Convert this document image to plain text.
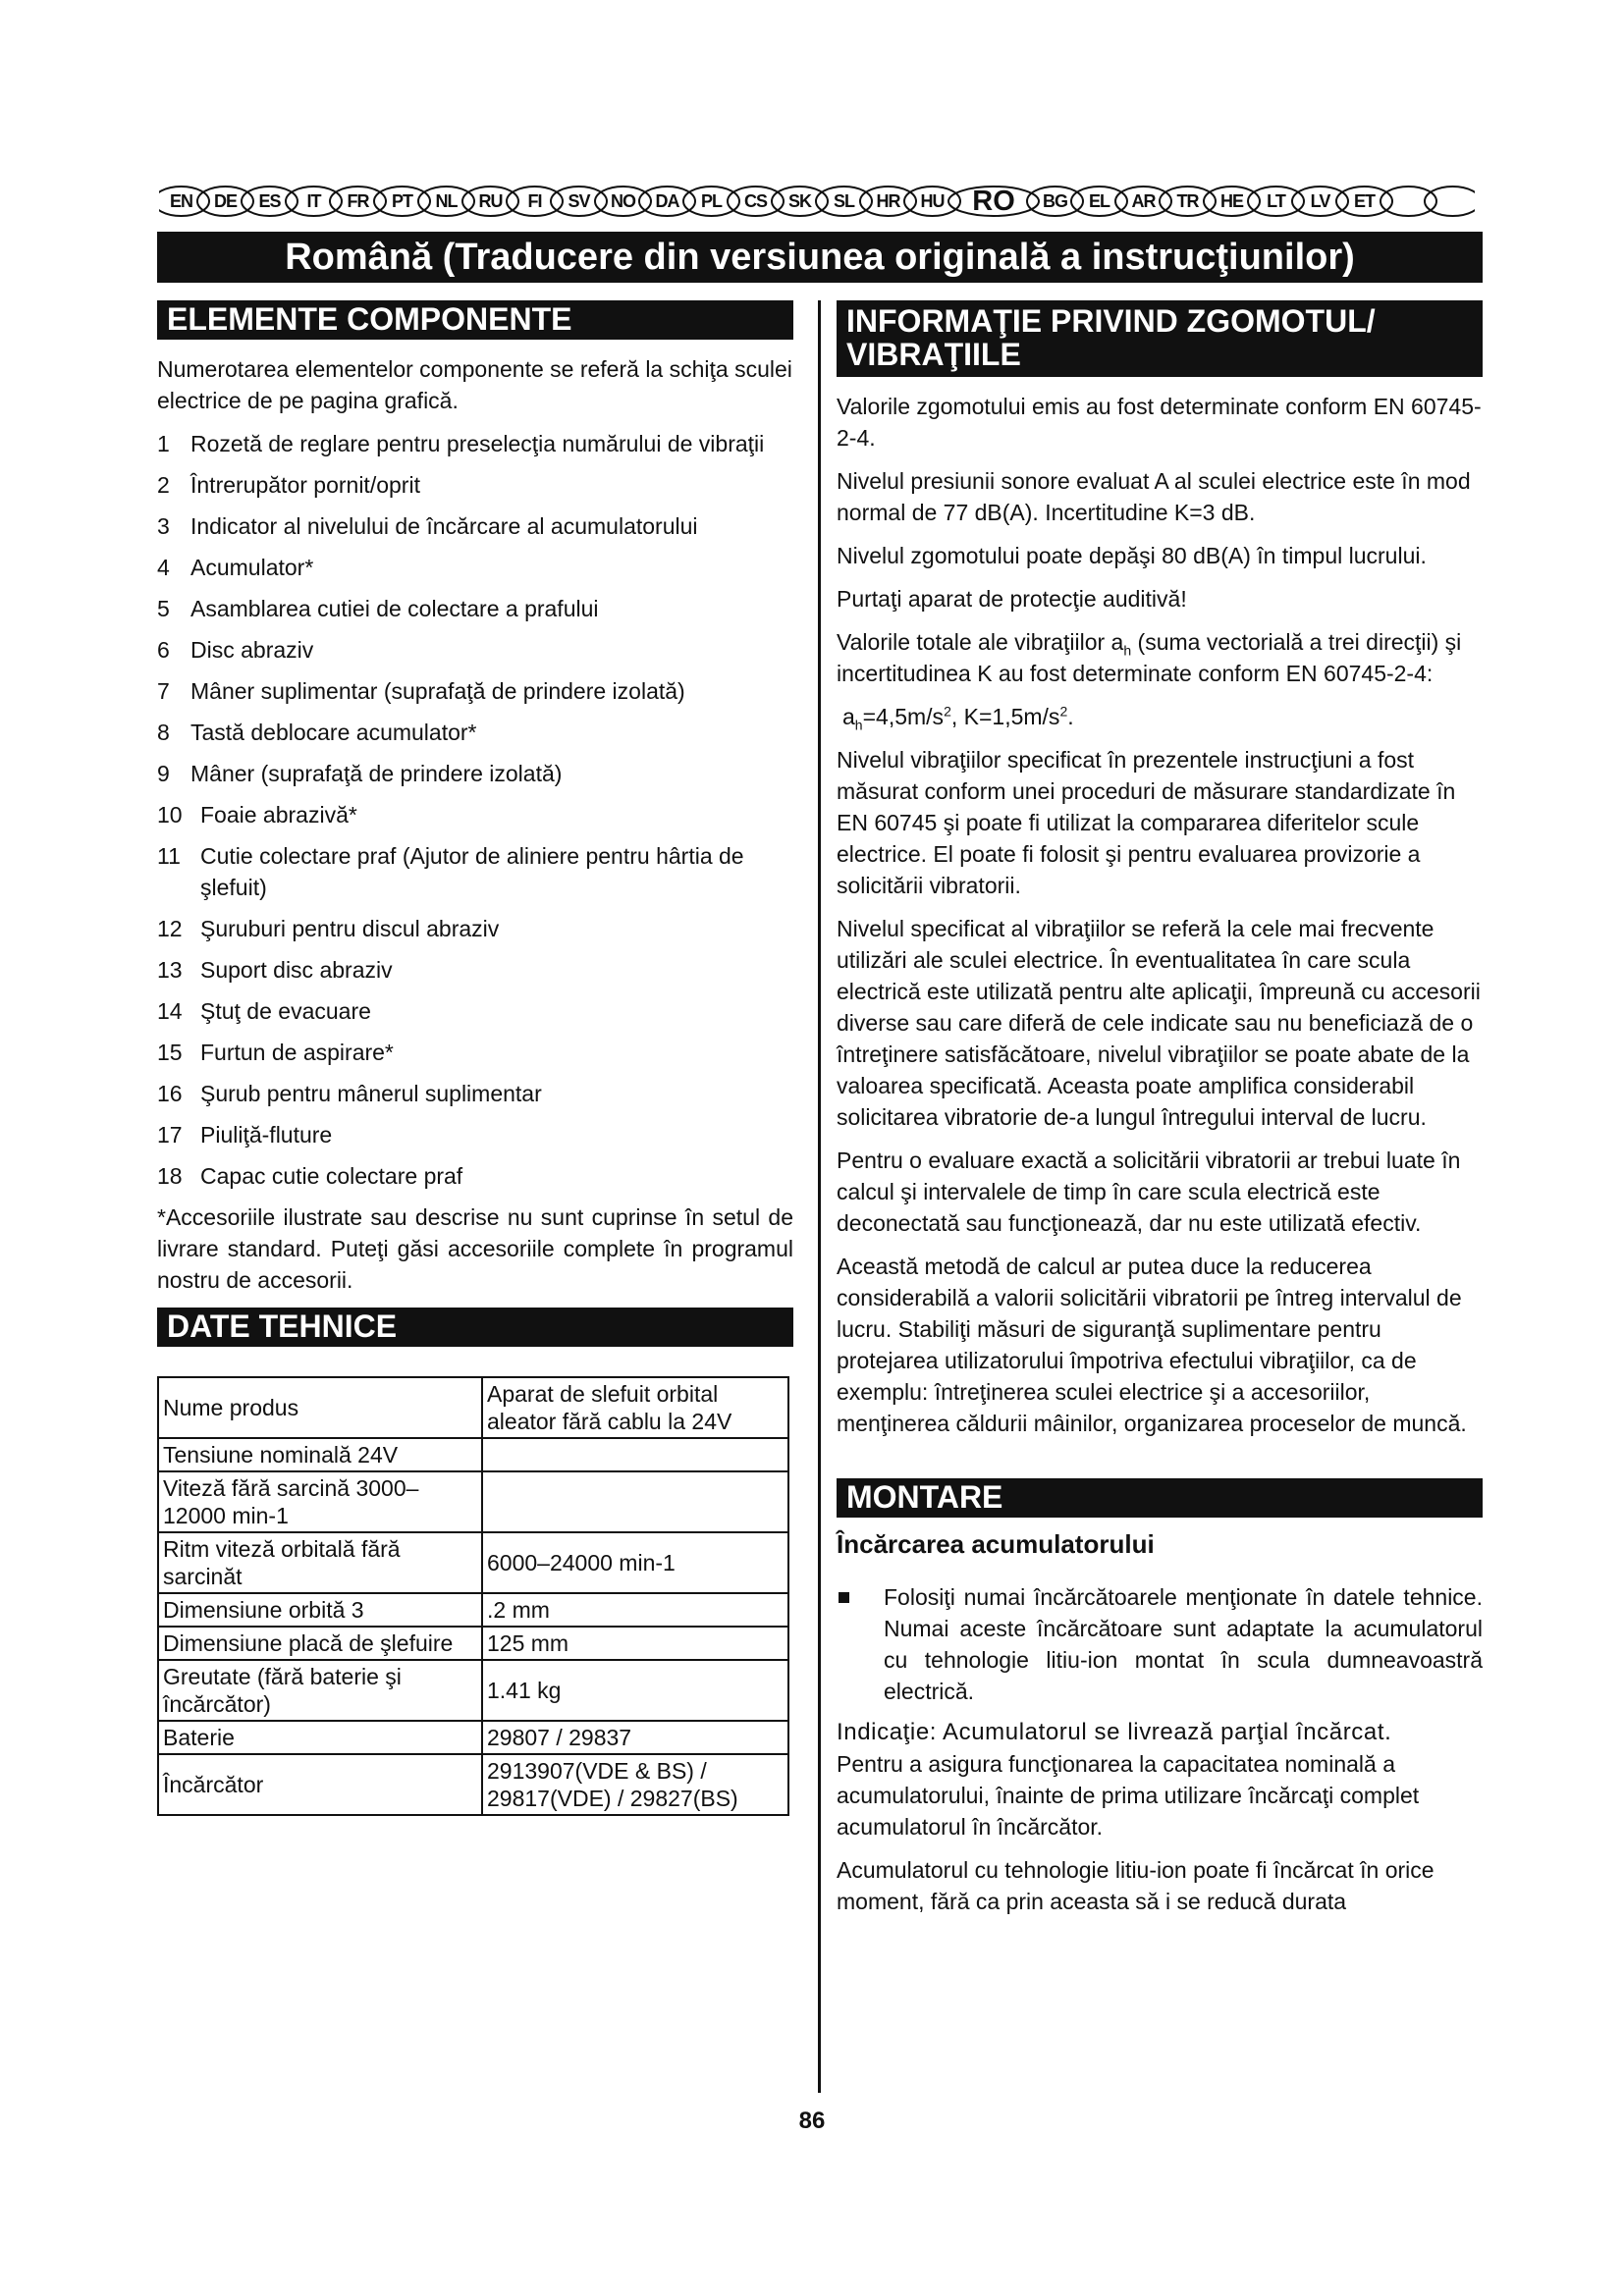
EN	DE	ES	IT	FR	PT	NL	RU	FI	SV	NO	DA	PL	CS	SK	SL	HR	HU RO	BG	EL	AR	TR	HE	LT	LV	ET
Română (Traducere din versiunea originală a instrucţiunilor)
ELEMENTE COMPONENTE

Numerotarea elementelor componente se referă la schiţa sculei electrice de pe pagina grafică.

1 Rozetă de reglare pentru preselecţia numărului de vibraţii
2 Întrerupător pornit/oprit
3 Indicator al nivelului de încărcare al acumulatorului
4 Acumulator*
5 Asamblarea cutiei de colectare a prafului
6 Disc abraziv
7 Mâner suplimentar (suprafaţă de prindere izolată)
8 Tastă deblocare acumulator*
9 Mâner (suprafaţă de prindere izolată)
10 Foaie abrazivă*
11 Cutie colectare praf (Ajutor de aliniere pentru hârtia de şlefuit)
12 Şuruburi pentru discul abraziv
13 Suport disc abraziv
14 Ştuţ de evacuare
15 Furtun de aspirare*
16 Şurub pentru mânerul suplimentar
17 Piuliţă-fluture
18 Capac cutie colectare praf

*Accesoriile ilustrate sau descrise nu sunt cuprinse în setul de livrare standard. Puteţi găsi accesoriile complete în programul nostru de accesorii.

DATE TEHNICE
Nume produs	Aparat de slefuit orbital aleator fără cablu la 24V
Tensiune nominală 24V	
Viteză fără sarcină 3000–12000 min-1	
Ritm viteză orbitală fără sarcinăt	6000–24000 min-1
Dimensiune orbită 3	.2 mm
Dimensiune placă de şlefuire	125 mm
Greutate (fără baterie şi încărcător)	1.41 kg
Baterie	29807 / 29837
Încărcător	2913907(VDE & BS) / 29817(VDE) / 29827(BS)
INFORMAŢIE PRIVIND ZGOMOTUL/
VIBRAŢIILE

Valorile zgomotului emis au fost determinate conform EN 60745-2-4.

Nivelul presiunii sonore evaluat A al sculei electrice este în mod normal de 77 dB(A). Incertitudine K=3 dB.

Nivelul zgomotului poate depăşi 80 dB(A) în timpul lucrului.

Purtaţi aparat de protecţie auditivă!

Valorile totale ale vibraţiilor $a_h$ (suma vectorială a trei direcţii) şi incertitudinea K au fost determinate conform EN 60745-2-4:

$a_h=4,5m/s^2$, $K=1,5m/s^2$.

Nivelul vibraţiilor specificat în prezentele instrucţiuni a fost măsurat conform unei proceduri de măsurare standardizate în EN 60745 şi poate fi utilizat la compararea diferitelor scule electrice. El poate fi folosit şi pentru evaluarea provizorie a solicitării vibratorii.

Nivelul specificat al vibraţiilor se referă la cele mai frecvente utilizări ale sculei electrice. În eventualitatea în care scula electrică este utilizată pentru alte aplicaţii, împreună cu accesorii diverse sau care diferă de cele indicate sau nu beneficiază de o întreţinere satisfăcătoare, nivelul vibraţiilor se poate abate de la valoarea specificată. Aceasta poate amplifica considerabil solicitarea vibratorie de-a lungul întregului interval de lucru.

Pentru o evaluare exactă a solicitării vibratorii ar trebui luate în calcul şi intervalele de timp în care scula electrică este deconectată sau funcţionează, dar nu este utilizată efectiv.

Această metodă de calcul ar putea duce la reducerea considerabilă a valorii solicitării vibratorii pe întreg intervalul de lucru. Stabiliţi măsuri de siguranţă suplimentare pentru protejarea utilizatorului împotriva efectului vibraţiilor, ca de exemplu: întreţinerea sculei electrice şi a accesoriilor, menţinerea căldurii mâinilor, organizarea proceselor de muncă.

MONTARE
Încărcarea acumulatorului
Folosiţi numai încărcătoarele menţionate în datele tehnice. Numai aceste încărcătoare sunt adaptate la acumulatorul cu tehnologie litiu-ion montat în scula dumneavoastră electrică.
Indicaţie: Acumulatorul se livrează parţial încărcat.

Pentru a asigura funcţionarea la capacitatea nominală a acumulatorului, înainte de prima utilizare încărcaţi complet acumulatorul în încărcător.

Acumulatorul cu tehnologie litiu-ion poate fi încărcat în orice moment, fără ca prin aceasta să i se reducă durata

86
